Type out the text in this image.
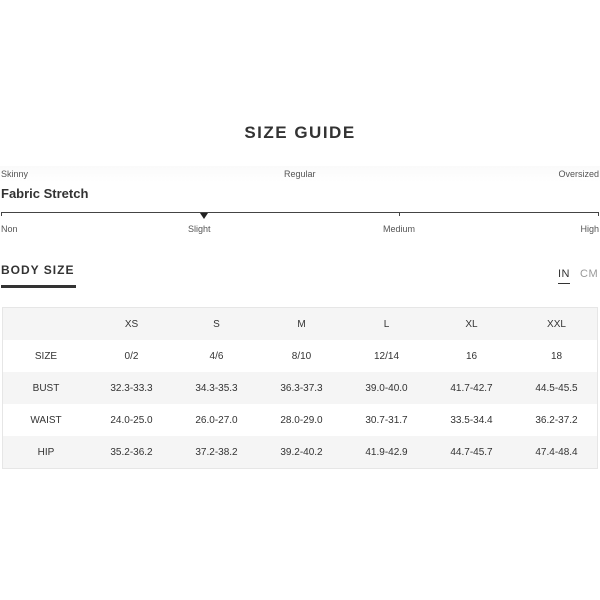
SIZE GUIDE
Skinny	Regular	Oversized
Fabric Stretch
Non	Slight	Medium	High
BODY SIZE	IN CM
XS	S	M	L	XL	XXL
SIZE	0/2	4/6	8/10	12/14	16	18
BUST	32.3-33.3	34.3-35.3	36.3-37.3	39.0-40.0	41.7-42.7	44.5-45.5
WAIST	24.0-25.0	26.0-27.0	28.0-29.0	30.7-31.7	33.5-34.4	36.2-37.2
HIP	35.2-36.2	37.2-38.2	39.2-40.2	41.9-42.9	44.7-45.7	47.4-48.4
